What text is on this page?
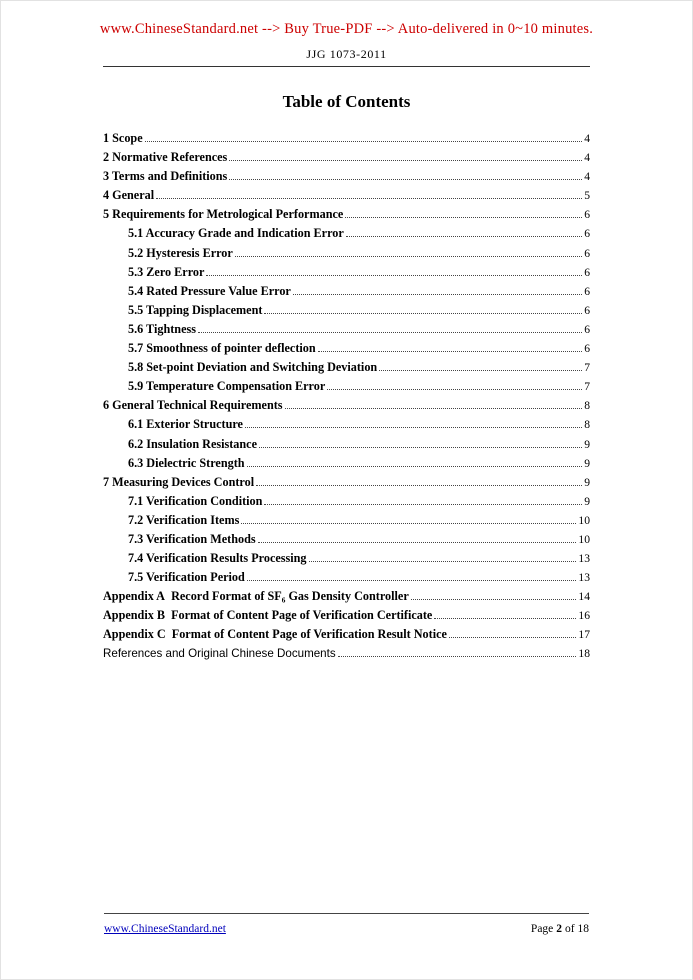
www.ChineseStandard.net --> Buy True-PDF --> Auto-delivered in 0~10 minutes.
JJG 1073-2011
Table of Contents
1 Scope	4
2 Normative References	4
3 Terms and Definitions	4
4 General	5
5 Requirements for Metrological Performance	6
5.1 Accuracy Grade and Indication Error	6
5.2 Hysteresis Error	6
5.3 Zero Error	6
5.4 Rated Pressure Value Error	6
5.5 Tapping Displacement	6
5.6 Tightness	6
5.7 Smoothness of pointer deflection	6
5.8 Set-point Deviation and Switching Deviation	7
5.9 Temperature Compensation Error	7
6 General Technical Requirements	8
6.1 Exterior Structure	8
6.2 Insulation Resistance	9
6.3 Dielectric Strength	9
7 Measuring Devices Control	9
7.1 Verification Condition	9
7.2 Verification Items	10
7.3 Verification Methods	10
7.4 Verification Results Processing	13
7.5 Verification Period	13
Appendix A  Record Format of SF₆ Gas Density Controller	14
Appendix B  Format of Content Page of Verification Certificate	16
Appendix C  Format of Content Page of Verification Result Notice	17
References and Original Chinese Documents	18
www.ChineseStandard.net	Page 2 of 18
